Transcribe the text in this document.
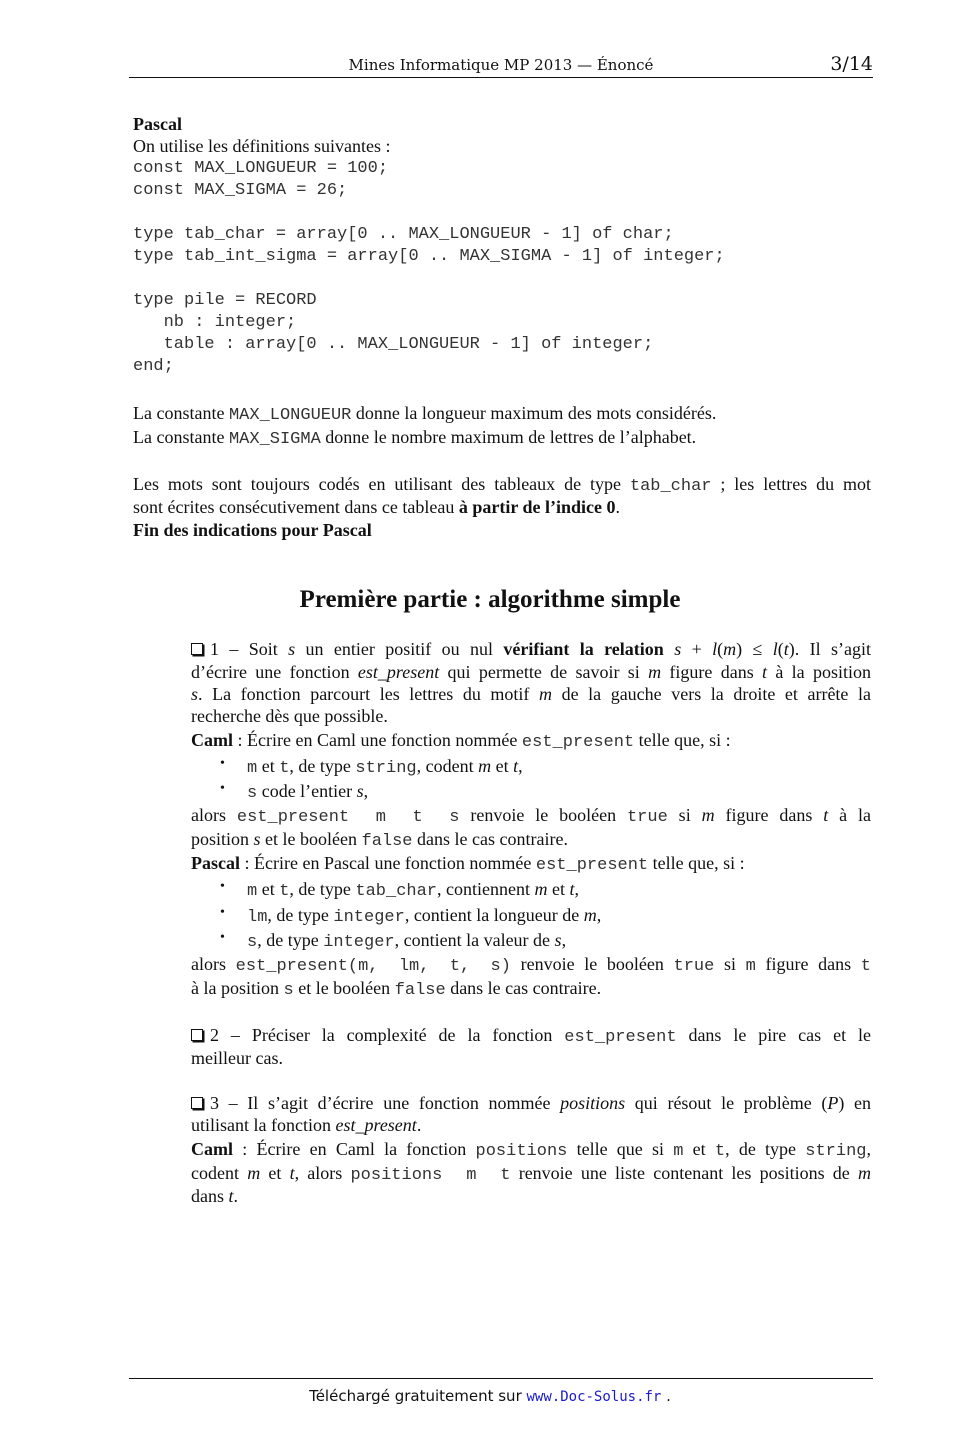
Mines Informatique MP 2013 — Énoncé	3/14
Pascal
On utilise les définitions suivantes :
const MAX_LONGUEUR = 100;
const MAX_SIGMA = 26;
type tab_char = array[0 .. MAX_LONGUEUR - 1] of char;
type tab_int_sigma = array[0 .. MAX_SIGMA - 1] of integer;
type pile = RECORD
nb : integer;
table : array[0 .. MAX_LONGUEUR - 1] of integer;
end;
La constante MAX_LONGUEUR donne la longueur maximum des mots considérés.
La constante MAX_SIGMA donne le nombre maximum de lettres de l’alphabet.
Les mots sont toujours codés en utilisant des tableaux de type tab_char ; les lettres du mot
sont écrites consécutivement dans ce tableau à partir de l’indice 0.
Fin des indications pour Pascal
Première partie : algorithme simple
1 – Soit s un entier positif ou nul vérifiant la relation s + l(m) ≤ l(t). Il s’agit
d’écrire une fonction est_present qui permette de savoir si m figure dans t à la position
s. La fonction parcourt les lettres du motif m de la gauche vers la droite et arrête la
recherche dès que possible.
Caml : Écrire en Caml une fonction nommée est_present telle que, si :
• m et t, de type string, codent m et t,
• s code l’entier s,
alors est_present m t s renvoie le booléen true si m figure dans t à la
position s et le booléen false dans le cas contraire.
Pascal : Écrire en Pascal une fonction nommée est_present telle que, si :
• m et t, de type tab_char, contiennent m et t,
• lm, de type integer, contient la longueur de m,
• s, de type integer, contient la valeur de s,
alors est_present(m, lm, t, s) renvoie le booléen true si m figure dans t
à la position s et le booléen false dans le cas contraire.
2 – Préciser la complexité de la fonction est_present dans le pire cas et le
meilleur cas.
3 – Il s’agit d’écrire une fonction nommée positions qui résout le problème (P) en
utilisant la fonction est_present.
Caml : Écrire en Caml la fonction positions telle que si m et t, de type string,
codent m et t, alors positions m t renvoie une liste contenant les positions de m
dans t.
Téléchargé gratuitement sur www.Doc-Solus.fr .
